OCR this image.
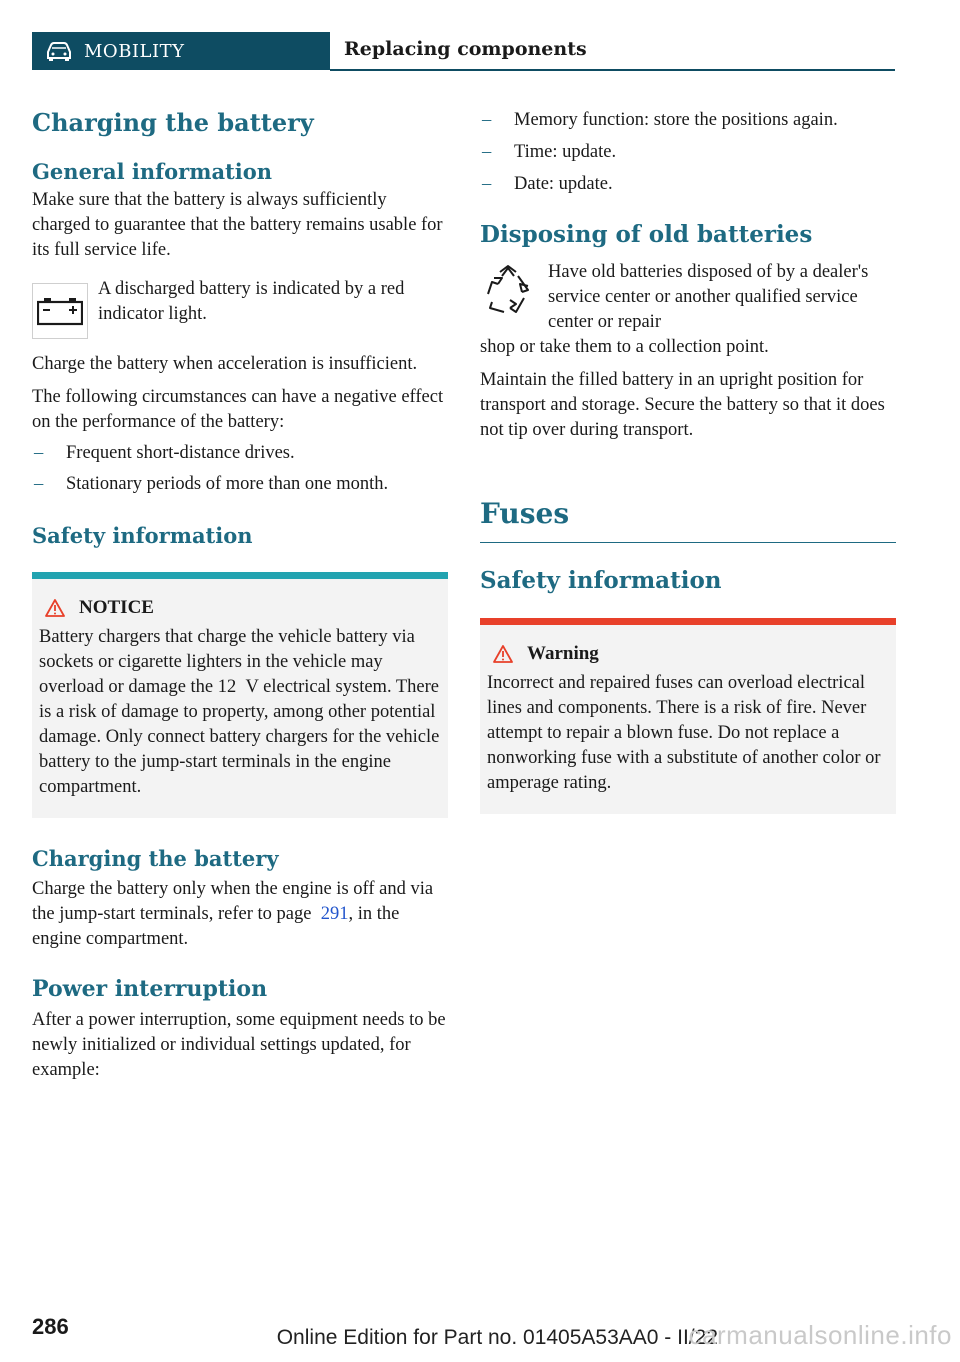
MOBILITY	Replacing components
Charging the battery
General information
Make sure that the battery is always sufficiently charged to guarantee that the battery remains usable for its full service life.
A discharged battery is indicated by a red indicator light.
Charge the battery when acceleration is insufficient.
The following circumstances can have a negative effect on the performance of the battery:
– Frequent short-distance drives.
– Stationary periods of more than one month.
Safety information
NOTICE
Battery chargers that charge the vehicle battery via sockets or cigarette lighters in the vehicle may overload or damage the 12  V electrical system. There is a risk of damage to property, among other potential damage. Only connect battery chargers for the vehicle battery to the jump-start terminals in the engine compartment.
Charging the battery
Charge the battery only when the engine is off and via the jump-start terminals, refer to page  291, in the engine compartment.
Power interruption
After a power interruption, some equipment needs to be newly initialized or individual settings updated, for example:
– Memory function: store the positions again.
– Time: update.
– Date: update.
Disposing of old batteries
Have old batteries disposed of by a dealer's service center or another qualified service center or repair
shop or take them to a collection point.
Maintain the filled battery in an upright position for transport and storage. Secure the battery so that it does not tip over during transport.
Fuses
Safety information
Warning
Incorrect and repaired fuses can overload electrical lines and components. There is a risk of fire. Never attempt to repair a blown fuse. Do not replace a nonworking fuse with a substitute of another color or amperage rating.
286	Online Edition for Part no. 01405A53AA0 - II/22
carmanualsonline.info
